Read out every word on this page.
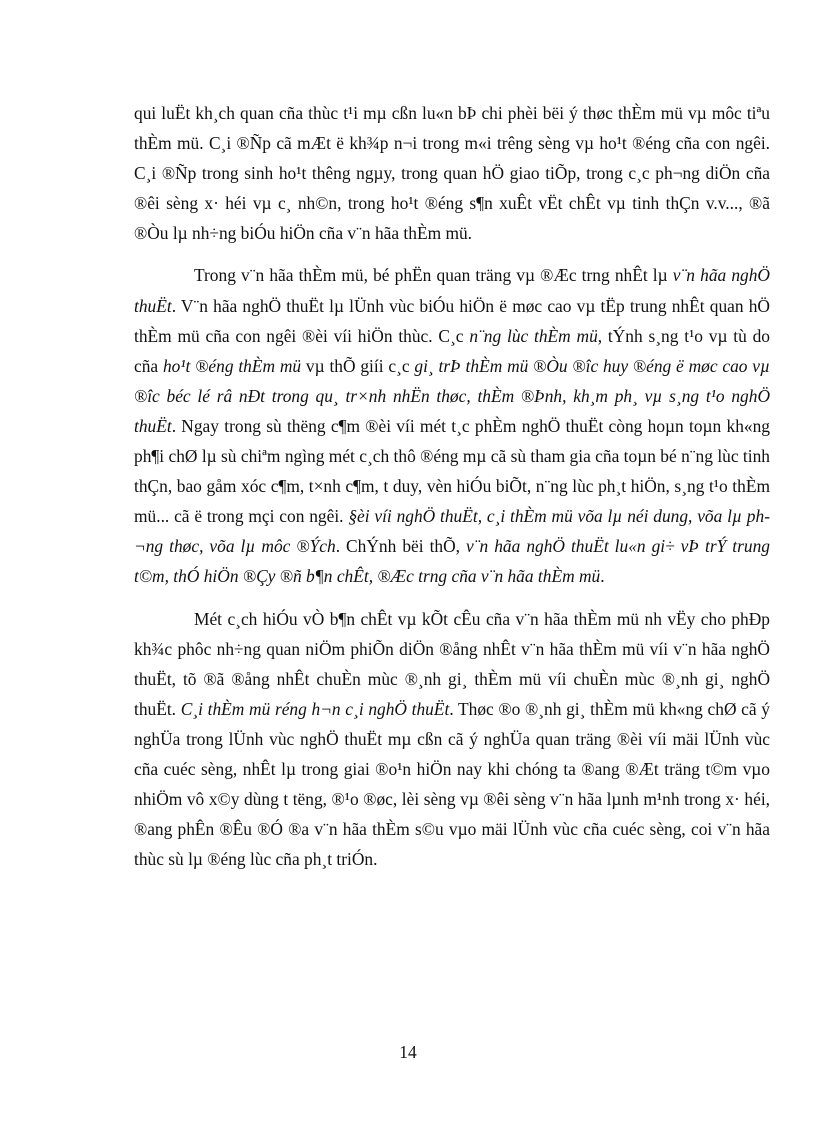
qui luËt kh¸ch quan cña thùc t¹i mµ cßn lu«n bÞ chi phèi bëi ý thøc thÈm mü vµ môc tiªu thÈm mü. C¸i ®Ñp cã mÆt ë kh¾p n¬i trong m«i trêng sèng vµ ho¹t ®éng cña con ngêi. C¸i ®Ñp trong sinh ho¹t thêng ngµy, trong quan hÖ giao tiÕp, trong c¸c ph¬ng diÖn cña ®êi sèng x· héi vµ c¸ nh©n, trong ho¹t ®éng s¶n xuÊt vËt chÊt vµ tinh thÇn v.v..., ®ã ®Òu lµ nh÷ng biÓu hiÖn cña v¨n hãa thÈm mü.

Trong v¨n hãa thÈm mü, bé phËn quan träng vµ ®Æc trng nhÊt lµ v¨n hãa nghÖ thuËt. V¨n hãa nghÖ thuËt lµ lÜnh vùc biÓu hiÖn ë møc cao vµ tËp trung nhÊt quan hÖ thÈm mü cña con ngêi ®èi víi hiÖn thùc. C¸c n¨ng lùc thÈm mü, tÝnh s¸ng t¹o vµ tù do cña ho¹t ®éng thÈm mü vµ thÕ giíi c¸c gi¸ trÞ thÈm mü ®Òu ®îc huy ®éng ë møc cao vµ ®îc béc lé râ nÐt trong qu¸ tr×nh nhËn thøc, thÈm ®Þnh, kh¸m ph¸ vµ s¸ng t¹o nghÖ thuËt. Ngay trong sù thëng c¶m ®èi víi mét t¸c phÈm nghÖ thuËt còng hoµn toµn kh«ng ph¶i chØ lµ sù chiªm ngìng mét c¸ch thô ®éng mµ cã sù tham gia cña toµn bé n¨ng lùc tinh thÇn, bao gåm xóc c¶m, t×nh c¶m, t duy, vèn hiÓu biÕt, n¨ng lùc ph¸t hiÖn, s¸ng t¹o thÈm mü... cã ë trong mçi con ngêi. §èi víi nghÖ thuËt, c¸i thÈm mü võa lµ néi dung, võa lµ ph¬ng thøc, võa lµ môc ®Ých. ChÝnh bëi thÕ, v¨n hãa nghÖ thuËt lu«n gi÷ vÞ trÝ trung t©m, thÓ hiÖn ®Çy ®ñ b¶n chÊt, ®Æc trng cña v¨n hãa thÈm mü.

Mét c¸ch hiÓu vÒ b¶n chÊt vµ kÕt cÊu cña v¨n hãa thÈm mü nh vËy cho phÐp kh¾c phôc nh÷ng quan niÖm phiÕn diÖn ®ång nhÊt v¨n hãa thÈm mü víi v¨n hãa nghÖ thuËt, tõ ®ã ®ång nhÊt chuÈn mùc ®¸nh gi¸ thÈm mü víi chuÈn mùc ®¸nh gi¸ nghÖ thuËt. C¸i thÈm mü réng h¬n c¸i nghÖ thuËt. Thøc ®o ®¸nh gi¸ thÈm mü kh«ng chØ cã ý nghÜa trong lÜnh vùc nghÖ thuËt mµ cßn cã ý nghÜa quan träng ®èi víi mäi lÜnh vùc cña cuéc sèng, nhÊt lµ trong giai ®o¹n hiÖn nay khi chóng ta ®ang ®Æt träng t©m vµo nhiÖm vô x©y dùng t tëng, ®¹o ®øc, lèi sèng vµ ®êi sèng v¨n hãa lµnh m¹nh trong x· héi, ®ang phÊn ®Êu ®Ó ®a v¨n hãa thÈm s©u vµo mäi lÜnh vùc cña cuéc sèng, coi v¨n hãa thùc sù lµ ®éng lùc cña ph¸t triÓn.

14
